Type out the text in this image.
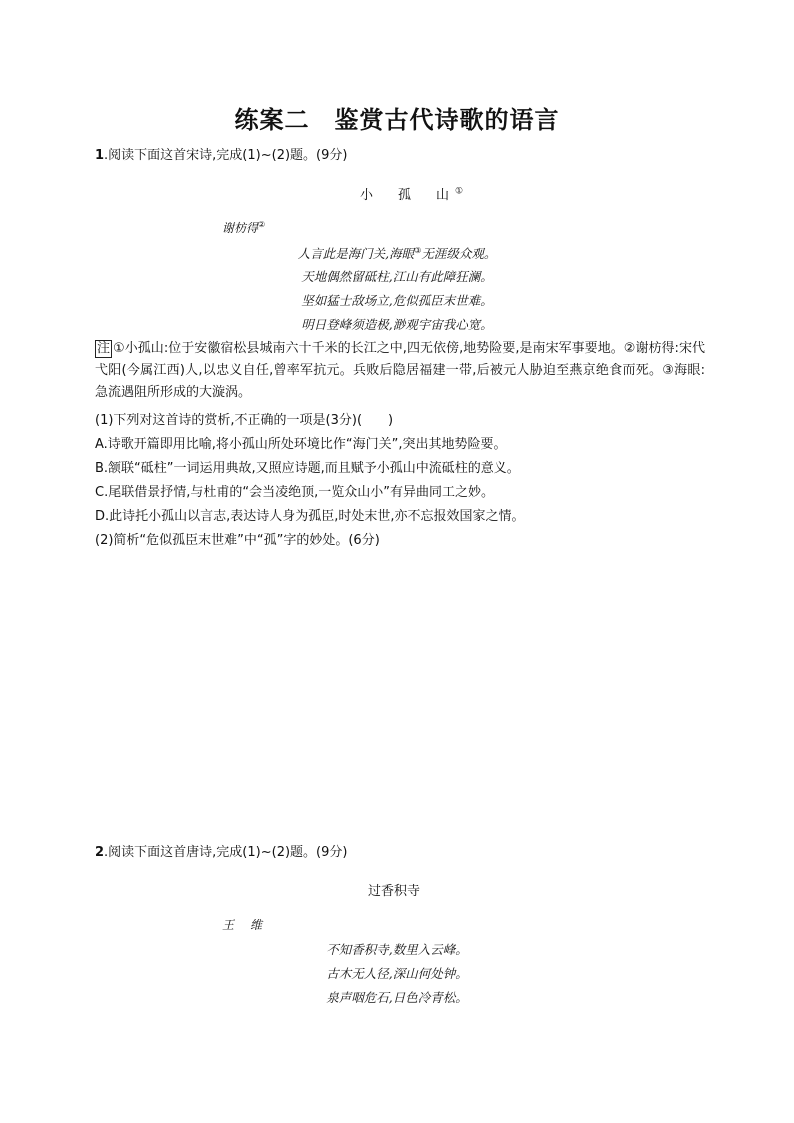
练案二　鉴赏古代诗歌的语言
1.阅读下面这首宋诗,完成(1)~(2)题。(9分)
小　孤　山①
谢枋得②
人言此是海门关,海眼③无涯级众观。
天地偶然留砥柱,江山有此障狂澜。
坚如猛士敌场立,危似孤臣末世难。
明日登峰须造极,渺观宇宙我心宽。
注 ①小孤山:位于安徽宿松县城南六十千米的长江之中,四无依傍,地势险要,是南宋军事要地。②谢枋得:宋代弋阳(今属江西)人,以忠义自任,曾率军抗元。兵败后隐居福建一带,后被元人胁迫至燕京绝食而死。③海眼:急流遇阻所形成的大漩涡。
(1)下列对这首诗的赏析,不正确的一项是(3分)(　　)
A.诗歌开篇即用比喻,将小孤山所处环境比作“海门关”,突出其地势险要。
B.颔联“砥柱”一词运用典故,又照应诗题,而且赋予小孤山中流砥柱的意义。
C.尾联借景抒情,与杜甫的“会当凌绝顶,一览众山小”有异曲同工之妙。
D.此诗托小孤山以言志,表达诗人身为孤臣,时处末世,亦不忘报效国家之情。
(2)简析“危似孤臣末世难”中“孤”字的妙处。(6分)
2.阅读下面这首唐诗,完成(1)~(2)题。(9分)
过香积寺
王　维
不知香积寺,数里入云峰。
古木无人径,深山何处钟。
泉声咽危石,日色冷青松。
